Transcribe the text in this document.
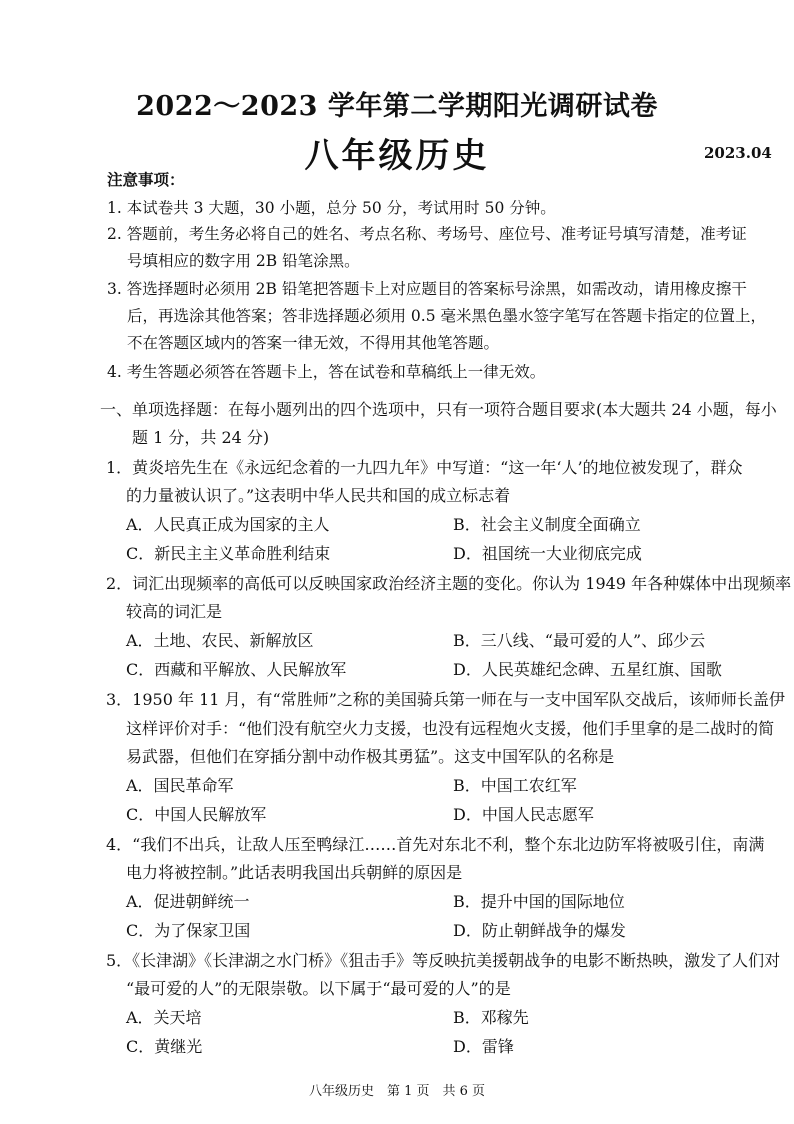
2022～2023 学年第二学期阳光调研试卷
八年级历史	2023.04
注意事项：
1. 本试卷共 3 大题，30 小题，总分 50 分，考试用时 50 分钟。
2. 答题前，考生务必将自己的姓名、考点名称、考场号、座位号、准考证号填写清楚，准考证
号填相应的数字用 2B 铅笔涂黑。
3. 答选择题时必须用 2B 铅笔把答题卡上对应题目的答案标号涂黑，如需改动，请用橡皮擦干
后，再选涂其他答案；答非选择题必须用 0.5 毫米黑色墨水签字笔写在答题卡指定的位置上，
不在答题区域内的答案一律无效，不得用其他笔答题。
4. 考生答题必须答在答题卡上，答在试卷和草稿纸上一律无效。
一、单项选择题：在每小题列出的四个选项中，只有一项符合题目要求(本大题共 24 小题，每小
题 1 分，共 24 分)
1．黄炎培先生在《永远纪念着的一九四九年》中写道：“这一年‘人’的地位被发现了，群众
的力量被认识了。”这表明中华人民共和国的成立标志着
A．人民真正成为国家的主人	B．社会主义制度全面确立
C．新民主主义革命胜利结束	D．祖国统一大业彻底完成
2．词汇出现频率的高低可以反映国家政治经济主题的变化。你认为 1949 年各种媒体中出现频率
较高的词汇是
A．土地、农民、新解放区	B．三八线、“最可爱的人”、邱少云
C．西藏和平解放、人民解放军	D．人民英雄纪念碑、五星红旗、国歌
3．1950 年 11 月，有“常胜师”之称的美国骑兵第一师在与一支中国军队交战后，该师师长盖伊
这样评价对手：“他们没有航空火力支援，也没有远程炮火支援，他们手里拿的是二战时的简
易武器，但他们在穿插分割中动作极其勇猛”。这支中国军队的名称是
A．国民革命军	B．中国工农红军
C．中国人民解放军	D．中国人民志愿军
4．“我们不出兵，让敌人压至鸭绿江……首先对东北不利，整个东北边防军将被吸引住，南满
电力将被控制。”此话表明我国出兵朝鲜的原因是
A．促进朝鲜统一	B．提升中国的国际地位
C．为了保家卫国	D．防止朝鲜战争的爆发
5．《长津湖》《长津湖之水门桥》《狙击手》等反映抗美援朝战争的电影不断热映，激发了人们对
“最可爱的人”的无限崇敬。以下属于“最可爱的人”的是
A．关天培	B．邓稼先
C．黄继光	D．雷锋
八年级历史　第 1 页　共 6 页
